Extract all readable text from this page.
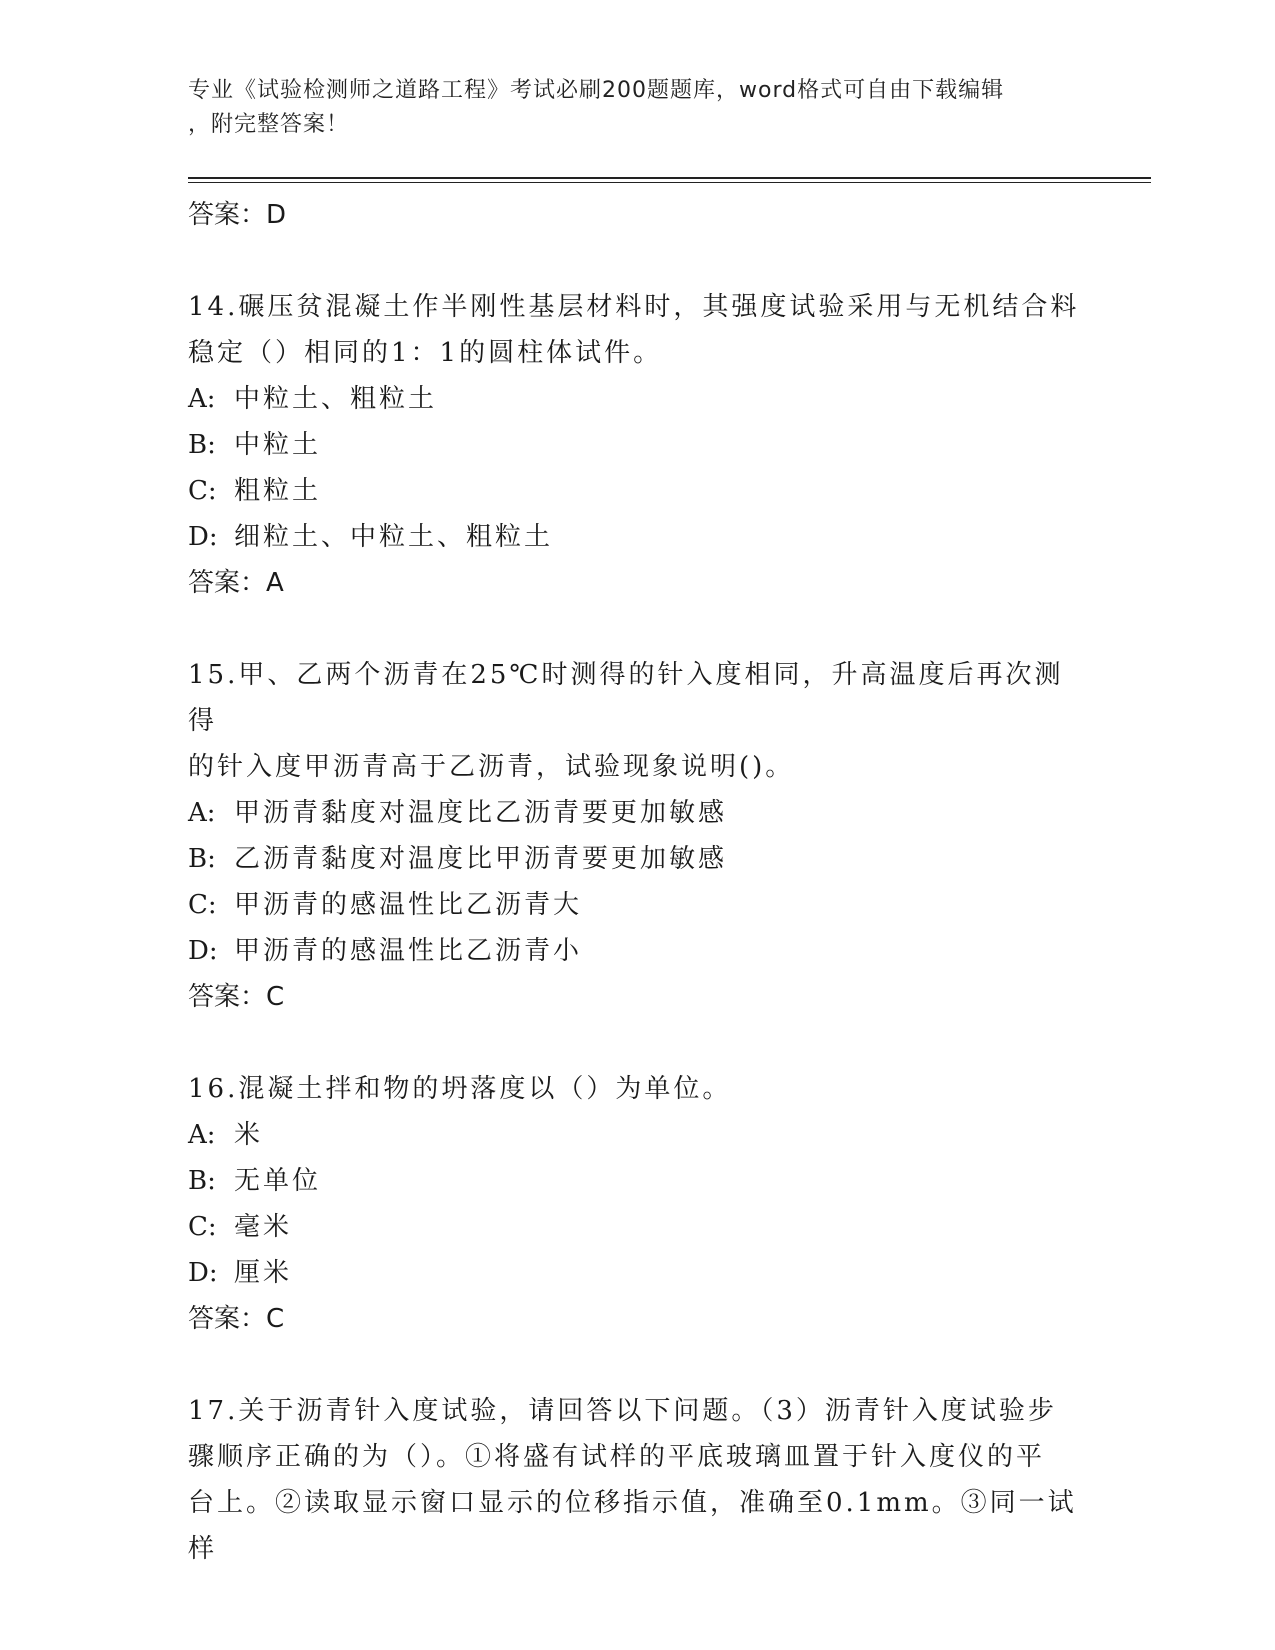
专业《试验检测师之道路工程》考试必刷200题题库，word格式可自由下载编辑
，附完整答案！

答案：D

14.碾压贫混凝土作半刚性基层材料时，其强度试验采用与无机结合料

稳定（）相同的1：1的圆柱体试件。

A: 中粒土、粗粒土

B: 中粒土

C: 粗粒土

D: 细粒土、中粒土、粗粒土

答案：A

15.甲、乙两个沥青在25℃时测得的针入度相同，升高温度后再次测得

的针入度甲沥青高于乙沥青，试验现象说明()。

A: 甲沥青黏度对温度比乙沥青要更加敏感

B: 乙沥青黏度对温度比甲沥青要更加敏感

C: 甲沥青的感温性比乙沥青大

D: 甲沥青的感温性比乙沥青小

答案：C

16.混凝土拌和物的坍落度以（）为单位。

A: 米

B: 无单位

C: 毫米

D: 厘米

答案：C

17.关于沥青针入度试验，请回答以下问题。（3）沥青针入度试验步

骤顺序正确的为（）。①将盛有试样的平底玻璃皿置于针入度仪的平

台上。②读取显示窗口显示的位移指示值，准确至0.1mm。③同一试样
